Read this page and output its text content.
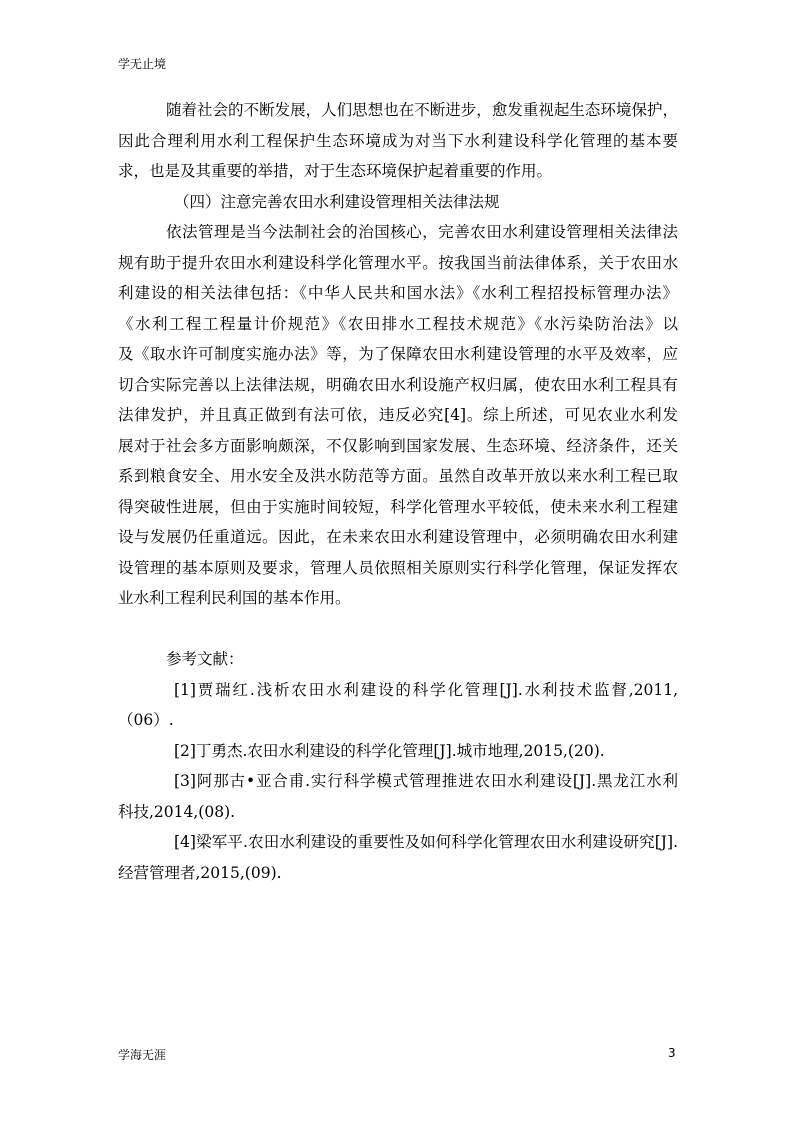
学无止境
随着社会的不断发展，人们思想也在不断进步，愈发重视起生态环境保护，
因此合理利用水利工程保护生态环境成为对当下水利建设科学化管理的基本要
求，也是及其重要的举措，对于生态环境保护起着重要的作用。
（四）注意完善农田水利建设管理相关法律法规
依法管理是当今法制社会的治国核心，完善农田水利建设管理相关法律法
规有助于提升农田水利建设科学化管理水平。按我国当前法律体系，关于农田水
利建设的相关法律包括：《中华人民共和国水法》《水利工程招投标管理办法》
《水利工程工程量计价规范》《农田排水工程技术规范》《水污染防治法》以
及《取水许可制度实施办法》等，为了保障农田水利建设管理的水平及效率，应
切合实际完善以上法律法规，明确农田水利设施产权归属，使农田水利工程具有
法律发护，并且真正做到有法可依，违反必究[4]。综上所述，可见农业水利发
展对于社会多方面影响颇深，不仅影响到国家发展、生态环境、经济条件，还关
系到粮食安全、用水安全及洪水防范等方面。虽然自改革开放以来水利工程已取
得突破性进展，但由于实施时间较短，科学化管理水平较低，使未来水利工程建
设与发展仍任重道远。因此，在未来农田水利建设管理中，必须明确农田水利建
设管理的基本原则及要求，管理人员依照相关原则实行科学化管理，保证发挥农
业水利工程利民利国的基本作用。
参考文献：
[1]贾瑞红.浅析农田水利建设的科学化管理[J].水利技术监督,2011,
（06）.
[2]丁勇杰.农田水利建设的科学化管理[J].城市地理,2015,(20).
[3]阿那古•亚合甫.实行科学模式管理推进农田水利建设[J].黑龙江水利
科技,2014,(08).
[4]梁军平.农田水利建设的重要性及如何科学化管理农田水利建设研究[J].
经营管理者,2015,(09).
学海无涯	3
